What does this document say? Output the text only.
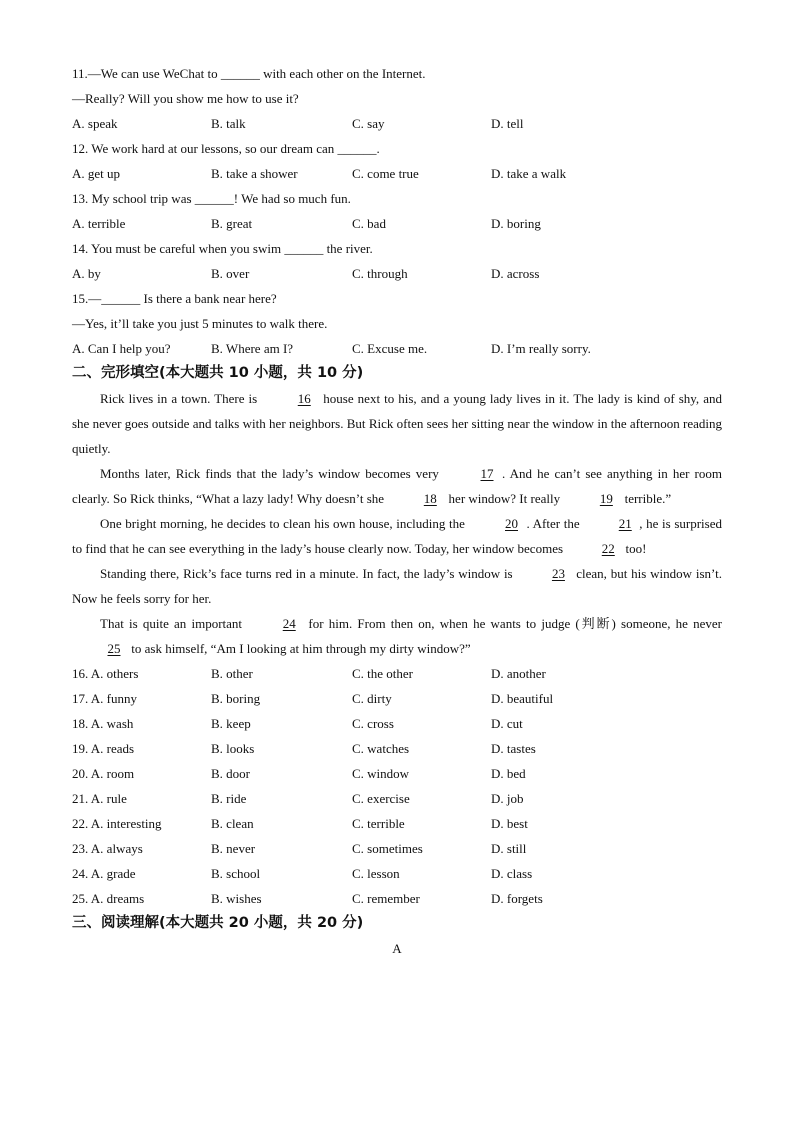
11.—We can use WeChat to ______ with each other on the Internet.
—Really? Will you show me how to use it?
A. speak	B. talk	C. say	D. tell
12. We work hard at our lessons, so our dream can ______.
A. get up	B. take a shower	C. come true	D. take a walk
13. My school trip was ______! We had so much fun.
A. terrible	B. great	C. bad	D. boring
14. You must be careful when you swim ______ the river.
A. by	B. over	C. through	D. across
15.—______ Is there a bank near here?
—Yes, it’ll take you just 5 minutes to walk there.
A. Can I help you?	B. Where am I?	C. Excuse me.	D. I’m really sorry.
二、完形填空(本大题共 10 小题，共 10 分)

Rick lives in a town. There is	16 house next to his, and a young lady lives in it. The lady is kind of shy, and she never goes outside and talks with her neighbors. But Rick often sees her sitting near the window in the afternoon reading quietly.

Months later, Rick finds that the lady’s window becomes very	17 . And he can’t see anything in her room clearly. So Rick thinks, “What a lazy lady! Why doesn’t she	18 her window? It really	19 terrible.”

One bright morning, he decides to clean his own house, including the	20 . After the	21 , he is surprised to find that he can see everything in the lady’s house clearly now. Today, her window becomes	22 too!

Standing there, Rick’s face turns red in a minute. In fact, the lady’s window is	23 clean, but his window isn’t. Now he feels sorry for her.

That is quite an important	24 for him. From then on, when he wants to judge (判断) someone, he never 25 to ask himself, “Am I looking at him through my dirty window?”

16. A. others	B. other	C. the other	D. another
17. A. funny	B. boring	C. dirty	D. beautiful
18. A. wash	B. keep	C. cross	D. cut
19. A. reads	B. looks	C. watches	D. tastes
20. A. room	B. door	C. window	D. bed
21. A. rule	B. ride	C. exercise	D. job
22. A. interesting	B. clean	C. terrible	D. best
23. A. always	B. never	C. sometimes	D. still
24. A. grade	B. school	C. lesson	D. class
25. A. dreams	B. wishes	C. remember	D. forgets
三、阅读理解(本大题共 20 小题，共 20 分)
A
